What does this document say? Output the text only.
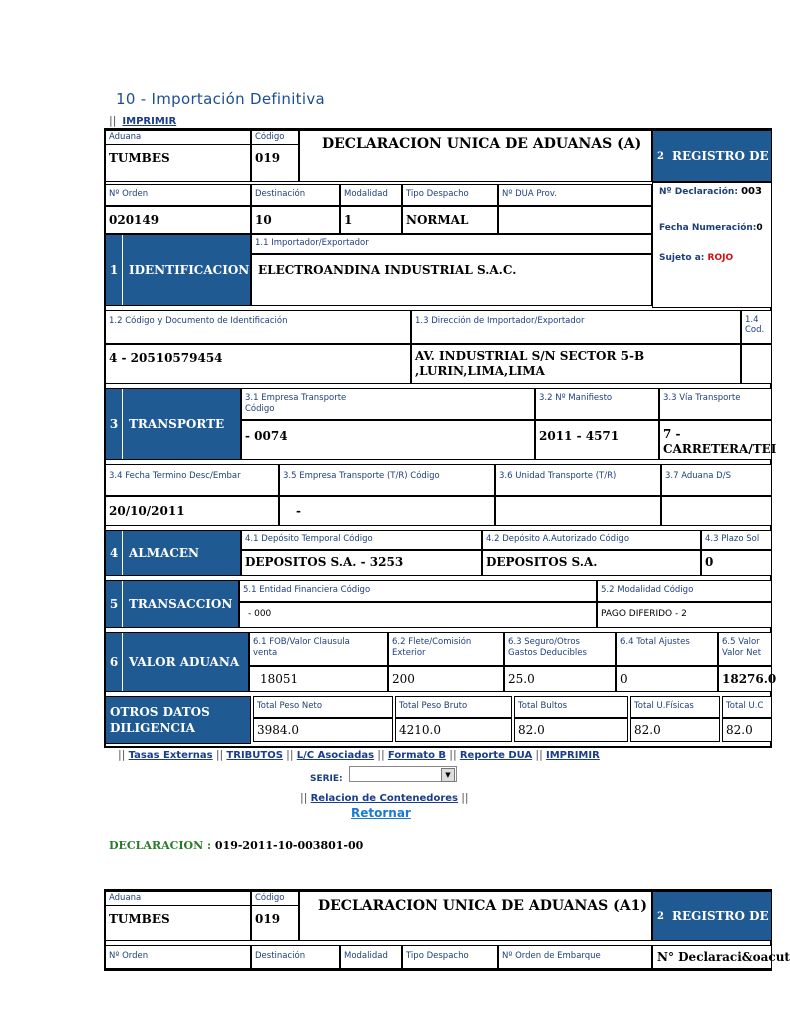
10 - Importación Definitiva
|| IMPRIMIR
Aduana
TUMBES
Código
019
DECLARACION UNICA DE ADUANAS (A)
2 REGISTRO DE
Nº Orden	Destinación	Modalidad	Tipo Despacho	Nº DUA Prov.
020149	10	1	NORMAL
Nº Declaración: 003
Fecha Numeración:0
Sujeto a: ROJO
1 IDENTIFICACION
1.1 Importador/Exportador
ELECTROANDINA INDUSTRIAL S.A.C.
1.2 Código y Documento de Identificación	1.3 Dirección de Importador/Exportador	1.4
Cod.
4 - 20510579454	AV. INDUSTRIAL S/N SECTOR 5-B
,LURIN,LIMA,LIMA
3 TRANSPORTE
3.1 Empresa Transporte
Código
3.2 Nº Manifiesto	3.3 Vía Transporte
- 0074	2011 - 4571	7 -
CARRETERA/TEI
3.4 Fecha Termino Desc/Embar	3.5 Empresa Transporte (T/R) Código	3.6 Unidad Transporte (T/R)	3.7 Aduana D/S
20/10/2011	-
4 ALMACEN
4.1 Depósito Temporal Código	4.2 Depósito A.Autorizado Código	4.3 Plazo Sol
DEPOSITOS S.A. - 3253	DEPOSITOS S.A.	0
5 TRANSACCION
5.1 Entidad Financiera Código	5.2 Modalidad Código
- 000	PAGO DIFERIDO - 2
6 VALOR ADUANA
6.1 FOB/Valor Clausula
venta
6.2 Flete/Comisión
Exterior
6.3 Seguro/Otros
Gastos Deducibles
6.4 Total Ajustes	6.5 Valor
Valor Net
18051	200	25.0	0	18276.0
OTROS DATOS
DILIGENCIA
Total Peso Neto	Total Peso Bruto	Total Bultos	Total U.Físicas	Total U.C
3984.0	4210.0	82.0	82.0	82.0
|| Tasas Externas || TRIBUTOS || L/C Asociadas || Formato B || Reporte DUA || IMPRIMIR
SERIE:	▼
|| Relacion de Contenedores ||
Retornar
DECLARACION : 019-2011-10-003801-00
Aduana
TUMBES
Código
019
DECLARACION UNICA DE ADUANAS (A1)
2 REGISTRO DE
Nº Orden	Destinación	Modalidad	Tipo Despacho	Nº Orden de Embarque	N° Declaraci&oacut
